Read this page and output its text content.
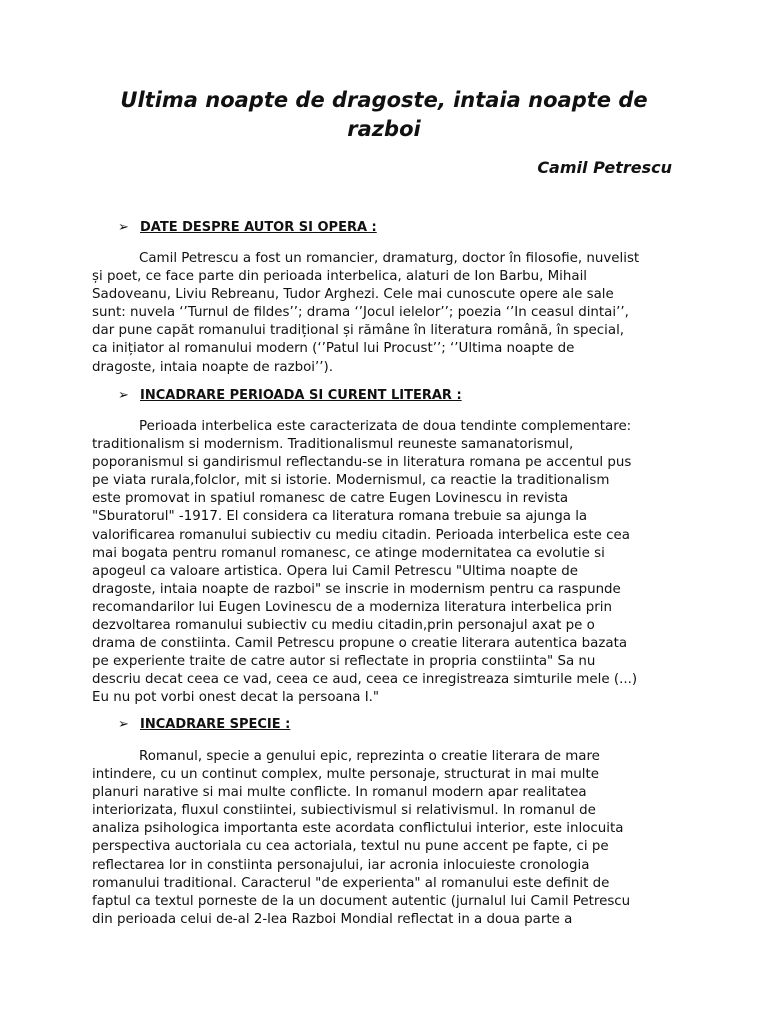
Ultima noapte de dragoste, intaia noapte de razboi

Camil Petrescu

➢ DATE DESPRE AUTOR SI OPERA :

Camil Petrescu a fost un romancier, dramaturg, doctor în filosofie, nuvelist
și poet, ce face parte din perioada interbelica, alaturi de Ion Barbu, Mihail
Sadoveanu, Liviu Rebreanu, Tudor Arghezi. Cele mai cunoscute opere ale sale
sunt: nuvela ‘’Turnul de fildes’’; drama ‘’Jocul ielelor’’; poezia ‘’In ceasul dintai’’,
dar pune capăt romanului tradițional și rămâne în literatura română, în special,
ca inițiator al romanului modern (‘’Patul lui Procust’’; ‘’Ultima noapte de
dragoste, intaia noapte de razboi’’).

➢ INCADRARE PERIOADA SI CURENT LITERAR :

Perioada interbelica este caracterizata de doua tendinte complementare:
traditionalism si modernism. Traditionalismul reuneste samanatorismul,
poporanismul si gandirismul reflectandu-se in literatura romana pe accentul pus
pe viata rurala,folclor, mit si istorie. Modernismul, ca reactie la traditionalism
este promovat in spatiul romanesc de catre Eugen Lovinescu in revista
"Sburatorul" -1917. El considera ca literatura romana trebuie sa ajunga la
valorificarea romanului subiectiv cu mediu citadin. Perioada interbelica este cea
mai bogata pentru romanul romanesc, ce atinge modernitatea ca evolutie si
apogeul ca valoare artistica. Opera lui Camil Petrescu "Ultima noapte de
dragoste, intaia noapte de razboi" se inscrie in modernism pentru ca raspunde
recomandarilor lui Eugen Lovinescu de a moderniza literatura interbelica prin
dezvoltarea romanului subiectiv cu mediu citadin,prin personajul axat pe o
drama de constiinta. Camil Petrescu propune o creatie literara autentica bazata
pe experiente traite de catre autor si reflectate in propria constiinta" Sa nu
descriu decat ceea ce vad, ceea ce aud, ceea ce inregistreaza simturile mele (...)
Eu nu pot vorbi onest decat la persoana I."

➢ INCADRARE SPECIE :

Romanul, specie a genului epic, reprezinta o creatie literara de mare
intindere, cu un continut complex, multe personaje, structurat in mai multe
planuri narative si mai multe conflicte. In romanul modern apar realitatea
interiorizata, fluxul constiintei, subiectivismul si relativismul. In romanul de
analiza psihologica importanta este acordata conflictului interior, este inlocuita
perspectiva auctoriala cu cea actoriala, textul nu pune accent pe fapte, ci pe
reflectarea lor in constiinta personajului, iar acronia inlocuieste cronologia
romanului traditional. Caracterul "de experienta" al romanului este definit de
faptul ca textul porneste de la un document autentic (jurnalul lui Camil Petrescu
din perioada celui de-al 2-lea Razboi Mondial reflectat in a doua parte a
